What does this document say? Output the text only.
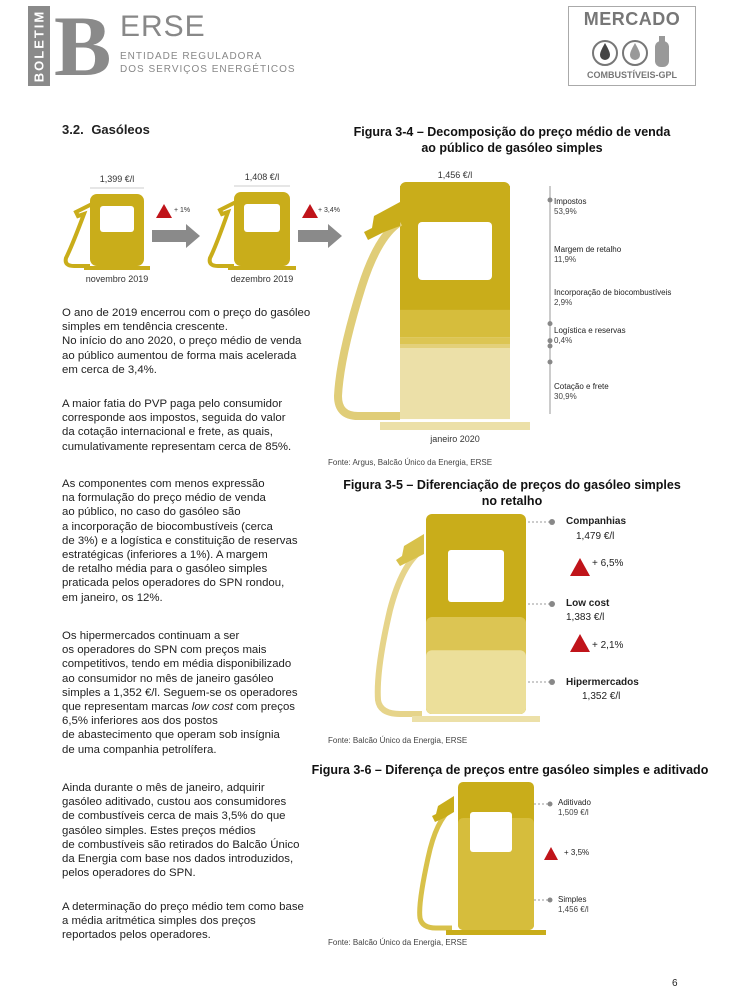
BOLETIM B ERSE
ENTIDADE REGULADORA
DOS SERVIÇOS ENERGÉTICOS
MERCADO
COMBUSTÍVEIS-GPL
3.2. Gasóleos
1,399 €/l
novembro 2019
+ 1%
1,408 €/l
dezembro 2019
+ 3,4%
O ano de 2019 encerrou com o preço do gasóleo
simples em tendência crescente.
No início do ano 2020, o preço médio de venda
ao público aumentou de forma mais acelerada
em cerca de 3,4%.
A maior fatia do PVP paga pelo consumidor
corresponde aos impostos, seguida do valor
da cotação internacional e frete, as quais,
cumulativamente representam cerca de 85%.
As componentes com menos expressão
na formulação do preço médio de venda
ao público, no caso do gasóleo são
a incorporação de biocombustíveis (cerca
de 3%) e a logística e constituição de reservas
estratégicas (inferiores a 1%). A margem
de retalho média para o gasóleo simples
praticada pelos operadores do SPN rondou,
em janeiro, os 12%.
Os hipermercados continuam a ser
os operadores do SPN com preços mais
competitivos, tendo em média disponibilizado
ao consumidor no mês de janeiro gasóleo
simples a 1,352 €/l. Seguem-se os operadores
que representam marcas low cost com preços
6,5% inferiores aos dos postos
de abastecimento que operam sob insígnia
de uma companhia petrolífera.
Ainda durante o mês de janeiro, adquirir
gasóleo aditivado, custou aos consumidores
de combustíveis cerca de mais 3,5% do que
gasóleo simples. Estes preços médios
de combustíveis são retirados do Balcão Único
da Energia com base nos dados introduzidos,
pelos operadores do SPN.
A determinação do preço médio tem como base
a média aritmética simples dos preços
reportados pelos operadores.
Figura 3-4 – Decomposição do preço médio de venda
ao público de gasóleo simples
1,456 €/l
janeiro 2020
Impostos
53,9%
Margem de retalho
11,9%
Incorporação de biocombustíveis
2,9%
Logística e reservas
0,4%
Cotação e frete
30,9%
Fonte: Argus, Balcão Único da Energia, ERSE
Figura 3-5 – Diferenciação de preços do gasóleo simples
no retalho
Companhias
1,479 €/l
+ 6,5%
Low cost
1,383 €/l
+ 2,1%
Hipermercados
1,352 €/l
Fonte: Balcão Único da Energia, ERSE
Figura 3-6 – Diferença de preços entre gasóleo simples e aditivado
Aditivado
1,509 €/l
+ 3,5%
Simples
1,456 €/l
Fonte: Balcão Único da Energia, ERSE
6
